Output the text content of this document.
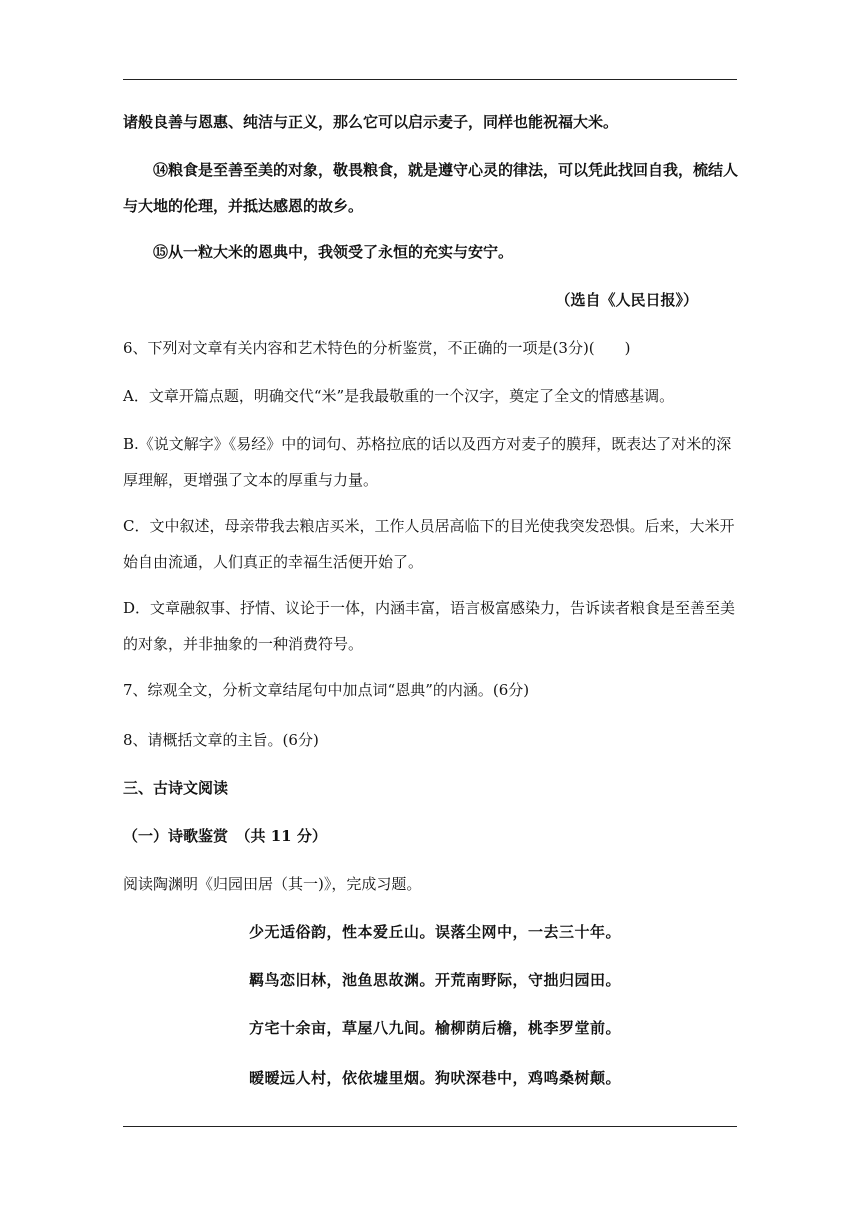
诸般良善与恩惠、纯洁与正义，那么它可以启示麦子，同样也能祝福大米。
⑭粮食是至善至美的对象，敬畏粮食，就是遵守心灵的律法，可以凭此找回自我，梳结人与大地的伦理，并抵达感恩的故乡。
⑮从一粒大米的恩典中，我领受了永恒的充实与安宁。
（选自《人民日报》）
6、下列对文章有关内容和艺术特色的分析鉴赏，不正确的一项是(3分)(　　)
A．文章开篇点题，明确交代“米”是我最敬重的一个汉字，奠定了全文的情感基调。
B.《说文解字》《易经》中的词句、苏格拉底的话以及西方对麦子的膜拜，既表达了对米的深厚理解，更增强了文本的厚重与力量。
C．文中叙述，母亲带我去粮店买米，工作人员居高临下的目光使我突发恐惧。后来，大米开始自由流通，人们真正的幸福生活便开始了。
D．文章融叙事、抒情、议论于一体，内涵丰富，语言极富感染力，告诉读者粮食是至善至美的对象，并非抽象的一种消费符号。
7、综观全文，分析文章结尾句中加点词“恩典”的内涵。(6分)
8、请概括文章的主旨。(6分)
三、古诗文阅读
（一）诗歌鉴赏　（共 11 分）
阅读陶渊明《归园田居（其一)》，完成习题。
少无适俗韵，性本爱丘山。误落尘网中，一去三十年。
羁鸟恋旧林，池鱼思故渊。开荒南野际，守拙归园田。
方宅十余亩，草屋八九间。榆柳荫后檐，桃李罗堂前。
暧暧远人村，依依墟里烟。狗吠深巷中，鸡鸣桑树颠。
